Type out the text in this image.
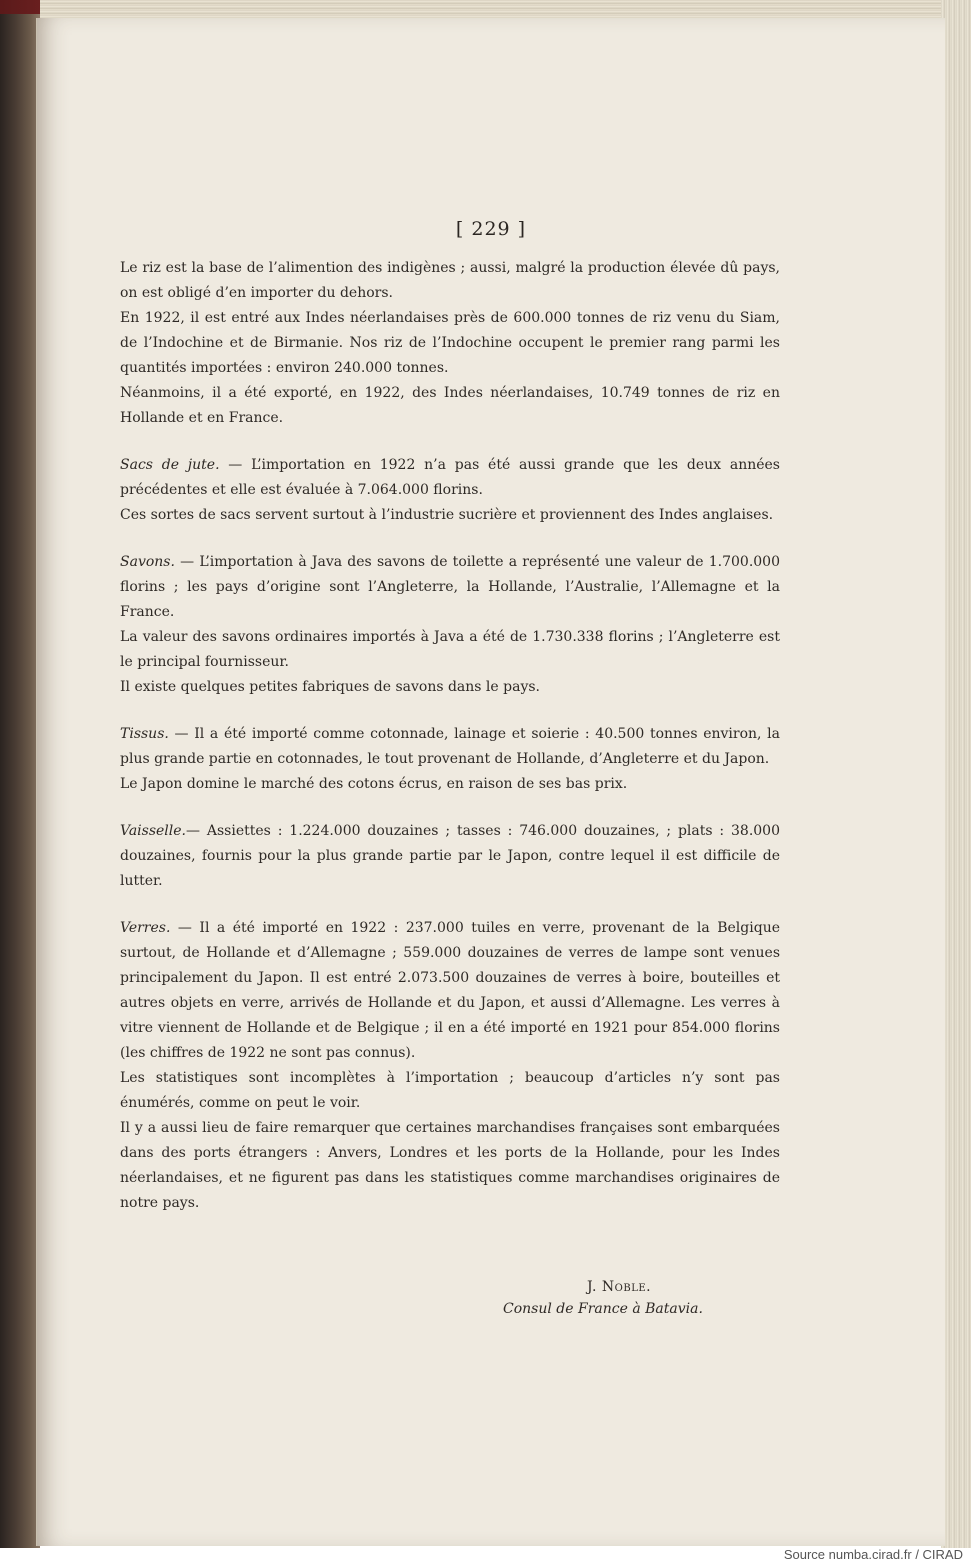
[ 229 ]

Le riz est la base de l’alimention des indigènes ; aussi, malgré la production élevée dû pays, on est obligé d’en importer du dehors.

En 1922, il est entré aux Indes néerlandaises près de 600.000 tonnes de riz venu du Siam, de l’Indochine et de Birmanie. Nos riz de l’Indochine occupent le premier rang parmi les quantités importées : environ 240.000 tonnes.

Néanmoins, il a été exporté, en 1922, des Indes néerlandaises, 10.749 tonnes de riz en Hollande et en France.

Sacs de jute. — L’importation en 1922 n’a pas été aussi grande que les deux années précédentes et elle est évaluée à 7.064.000 florins.

Ces sortes de sacs servent surtout à l’industrie sucrière et proviennent des Indes anglaises.

Savons. — L’importation à Java des savons de toilette a représenté une valeur de 1.700.000 florins ; les pays d’origine sont l’Angleterre, la Hollande, l’Australie, l’Allemagne et la France.

La valeur des savons ordinaires importés à Java a été de 1.730.338 florins ; l’Angleterre est le principal fournisseur.

Il existe quelques petites fabriques de savons dans le pays.

Tissus. — Il a été importé comme cotonnade, lainage et soierie : 40.500 tonnes environ, la plus grande partie en cotonnades, le tout provenant de Hollande, d’Angleterre et du Japon.

Le Japon domine le marché des cotons écrus, en raison de ses bas prix.

Vaisselle.— Assiettes : 1.224.000 douzaines ; tasses : 746.000 douzaines, ; plats : 38.000 douzaines, fournis pour la plus grande partie par le Japon, contre lequel il est difficile de lutter.

Verres. — Il a été importé en 1922 : 237.000 tuiles en verre, provenant de la Belgique surtout, de Hollande et d’Allemagne ; 559.000 douzaines de verres de lampe sont venues principalement du Japon. Il est entré 2.073.500 douzaines de verres à boire, bouteilles et autres objets en verre, arrivés de Hollande et du Japon, et aussi d’Allemagne. Les verres à vitre viennent de Hollande et de Belgique ; il en a été importé en 1921 pour 854.000 florins (les chiffres de 1922 ne sont pas connus).

Les statistiques sont incomplètes à l’importation ; beaucoup d’articles n’y sont pas énumérés, comme on peut le voir.

Il y a aussi lieu de faire remarquer que certaines marchandises françaises sont embarquées dans des ports étrangers : Anvers, Londres et les ports de la Hollande, pour les Indes néerlandaises, et ne figurent pas dans les statistiques comme marchandises originaires de notre pays.

J. Noble.
Consul de France à Batavia.
Source numba.cirad.fr / CIRAD
